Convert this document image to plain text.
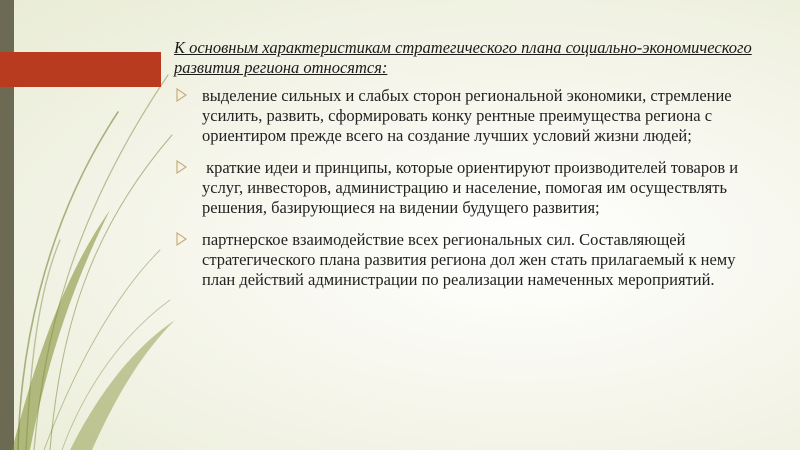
К основным характеристикам стратегического плана социально-экономического развития региона относятся:

выделение сильных и слабых сторон региональной экономики, стремление усилить, развить, сформировать конку рентные преимущества региона с ориентиром прежде всего на создание лучших условий жизни людей;
краткие идеи и принципы, которые ориентируют производителей товаров и услуг, инвесторов, администрацию и население, помогая им осуществлять решения, базирующиеся на видении будущего развития;
партнерское взаимодействие всех региональных сил. Составляющей стратегического плана развития региона дол жен стать прилагаемый к нему план действий администрации по реализации намеченных мероприятий.
